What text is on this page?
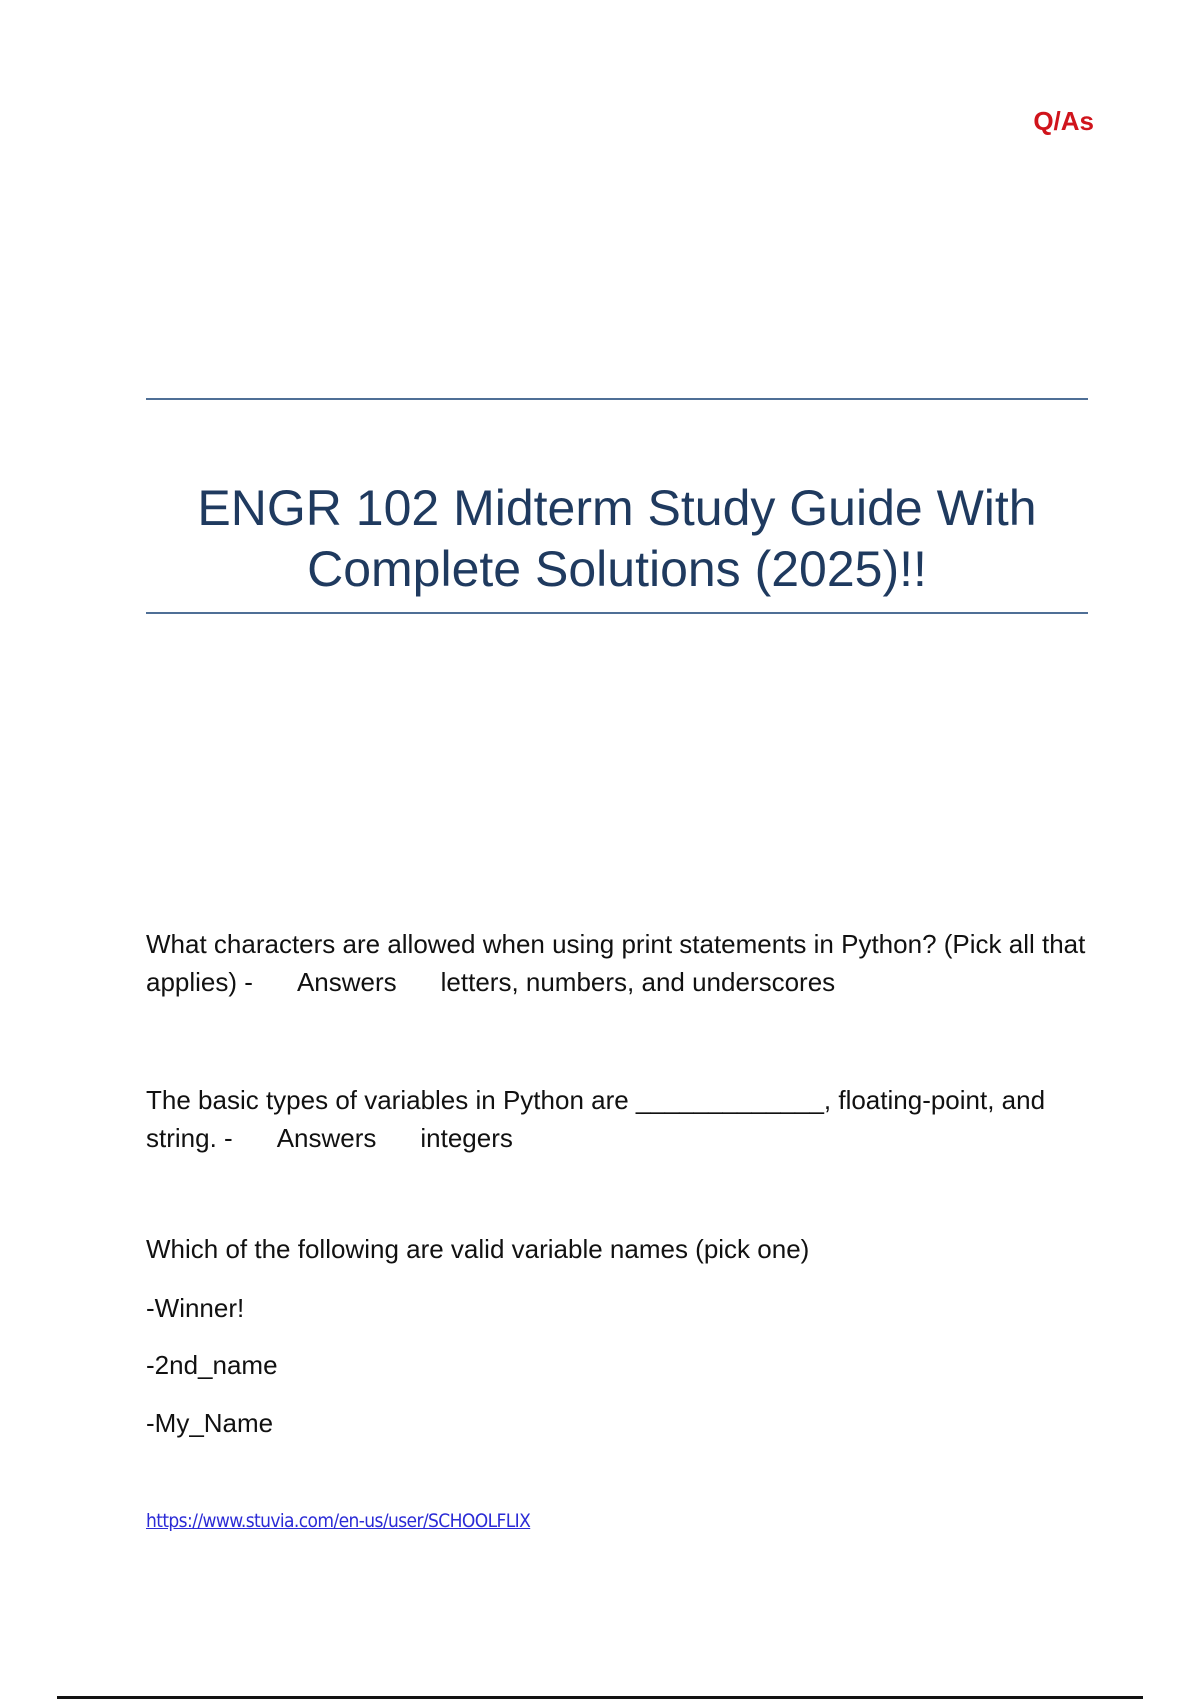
Q/As
ENGR 102 Midterm Study Guide With Complete Solutions (2025)!!
What characters are allowed when using print statements in Python? (Pick all that applies) - Answers letters, numbers, and underscores
The basic types of variables in Python are _____________, floating-point, and string. - Answers integers
Which of the following are valid variable names (pick one)
-Winner!
-2nd_name
-My_Name
https://www.stuvia.com/en-us/user/SCHOOLFLIX
